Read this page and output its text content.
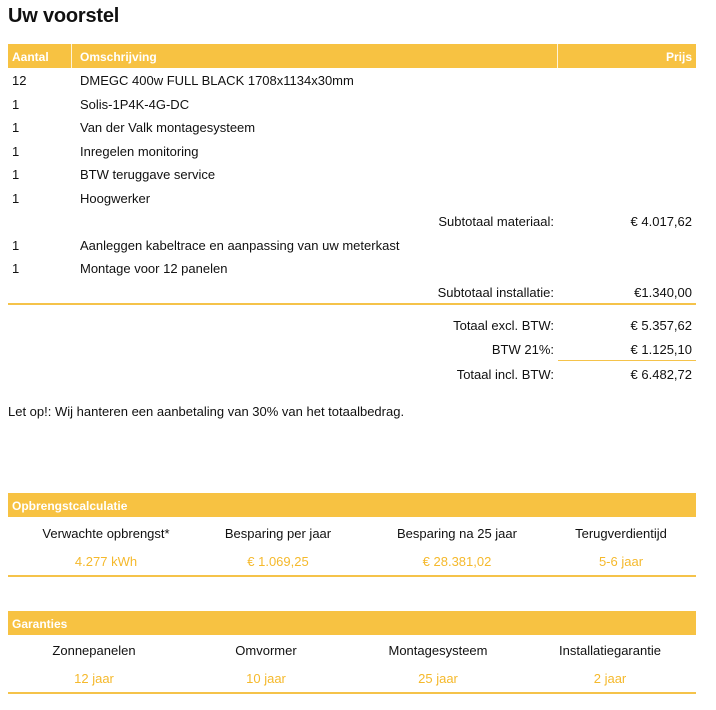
Uw voorstel
Aantal	Omschrijving	Prijs
12	DMEGC 400w FULL BLACK 1708x1134x30mm
1	Solis-1P4K-4G-DC
1	Van der Valk montagesysteem
1	Inregelen monitoring
1	BTW teruggave service
1	Hoogwerker
Subtotaal materiaal:	€ 4.017,62
1	Aanleggen kabeltrace en aanpassing van uw meterkast
1	Montage voor 12 panelen
Subtotaal installatie:	€1.340,00
Totaal excl. BTW:	€ 5.357,62
BTW 21%:	€ 1.125,10
Totaal incl. BTW:	€ 6.482,72
Let op!: Wij hanteren een aanbetaling van 30% van het totaalbedrag.
Opbrengstcalculatie
Verwachte opbrengst*	Besparing per jaar	Besparing na 25 jaar	Terugverdientijd
4.277 kWh	€ 1.069,25	€ 28.381,02	5-6 jaar
Garanties
Zonnepanelen	Omvormer	Montagesysteem	Installatiegarantie
12 jaar	10 jaar	25 jaar	2 jaar
